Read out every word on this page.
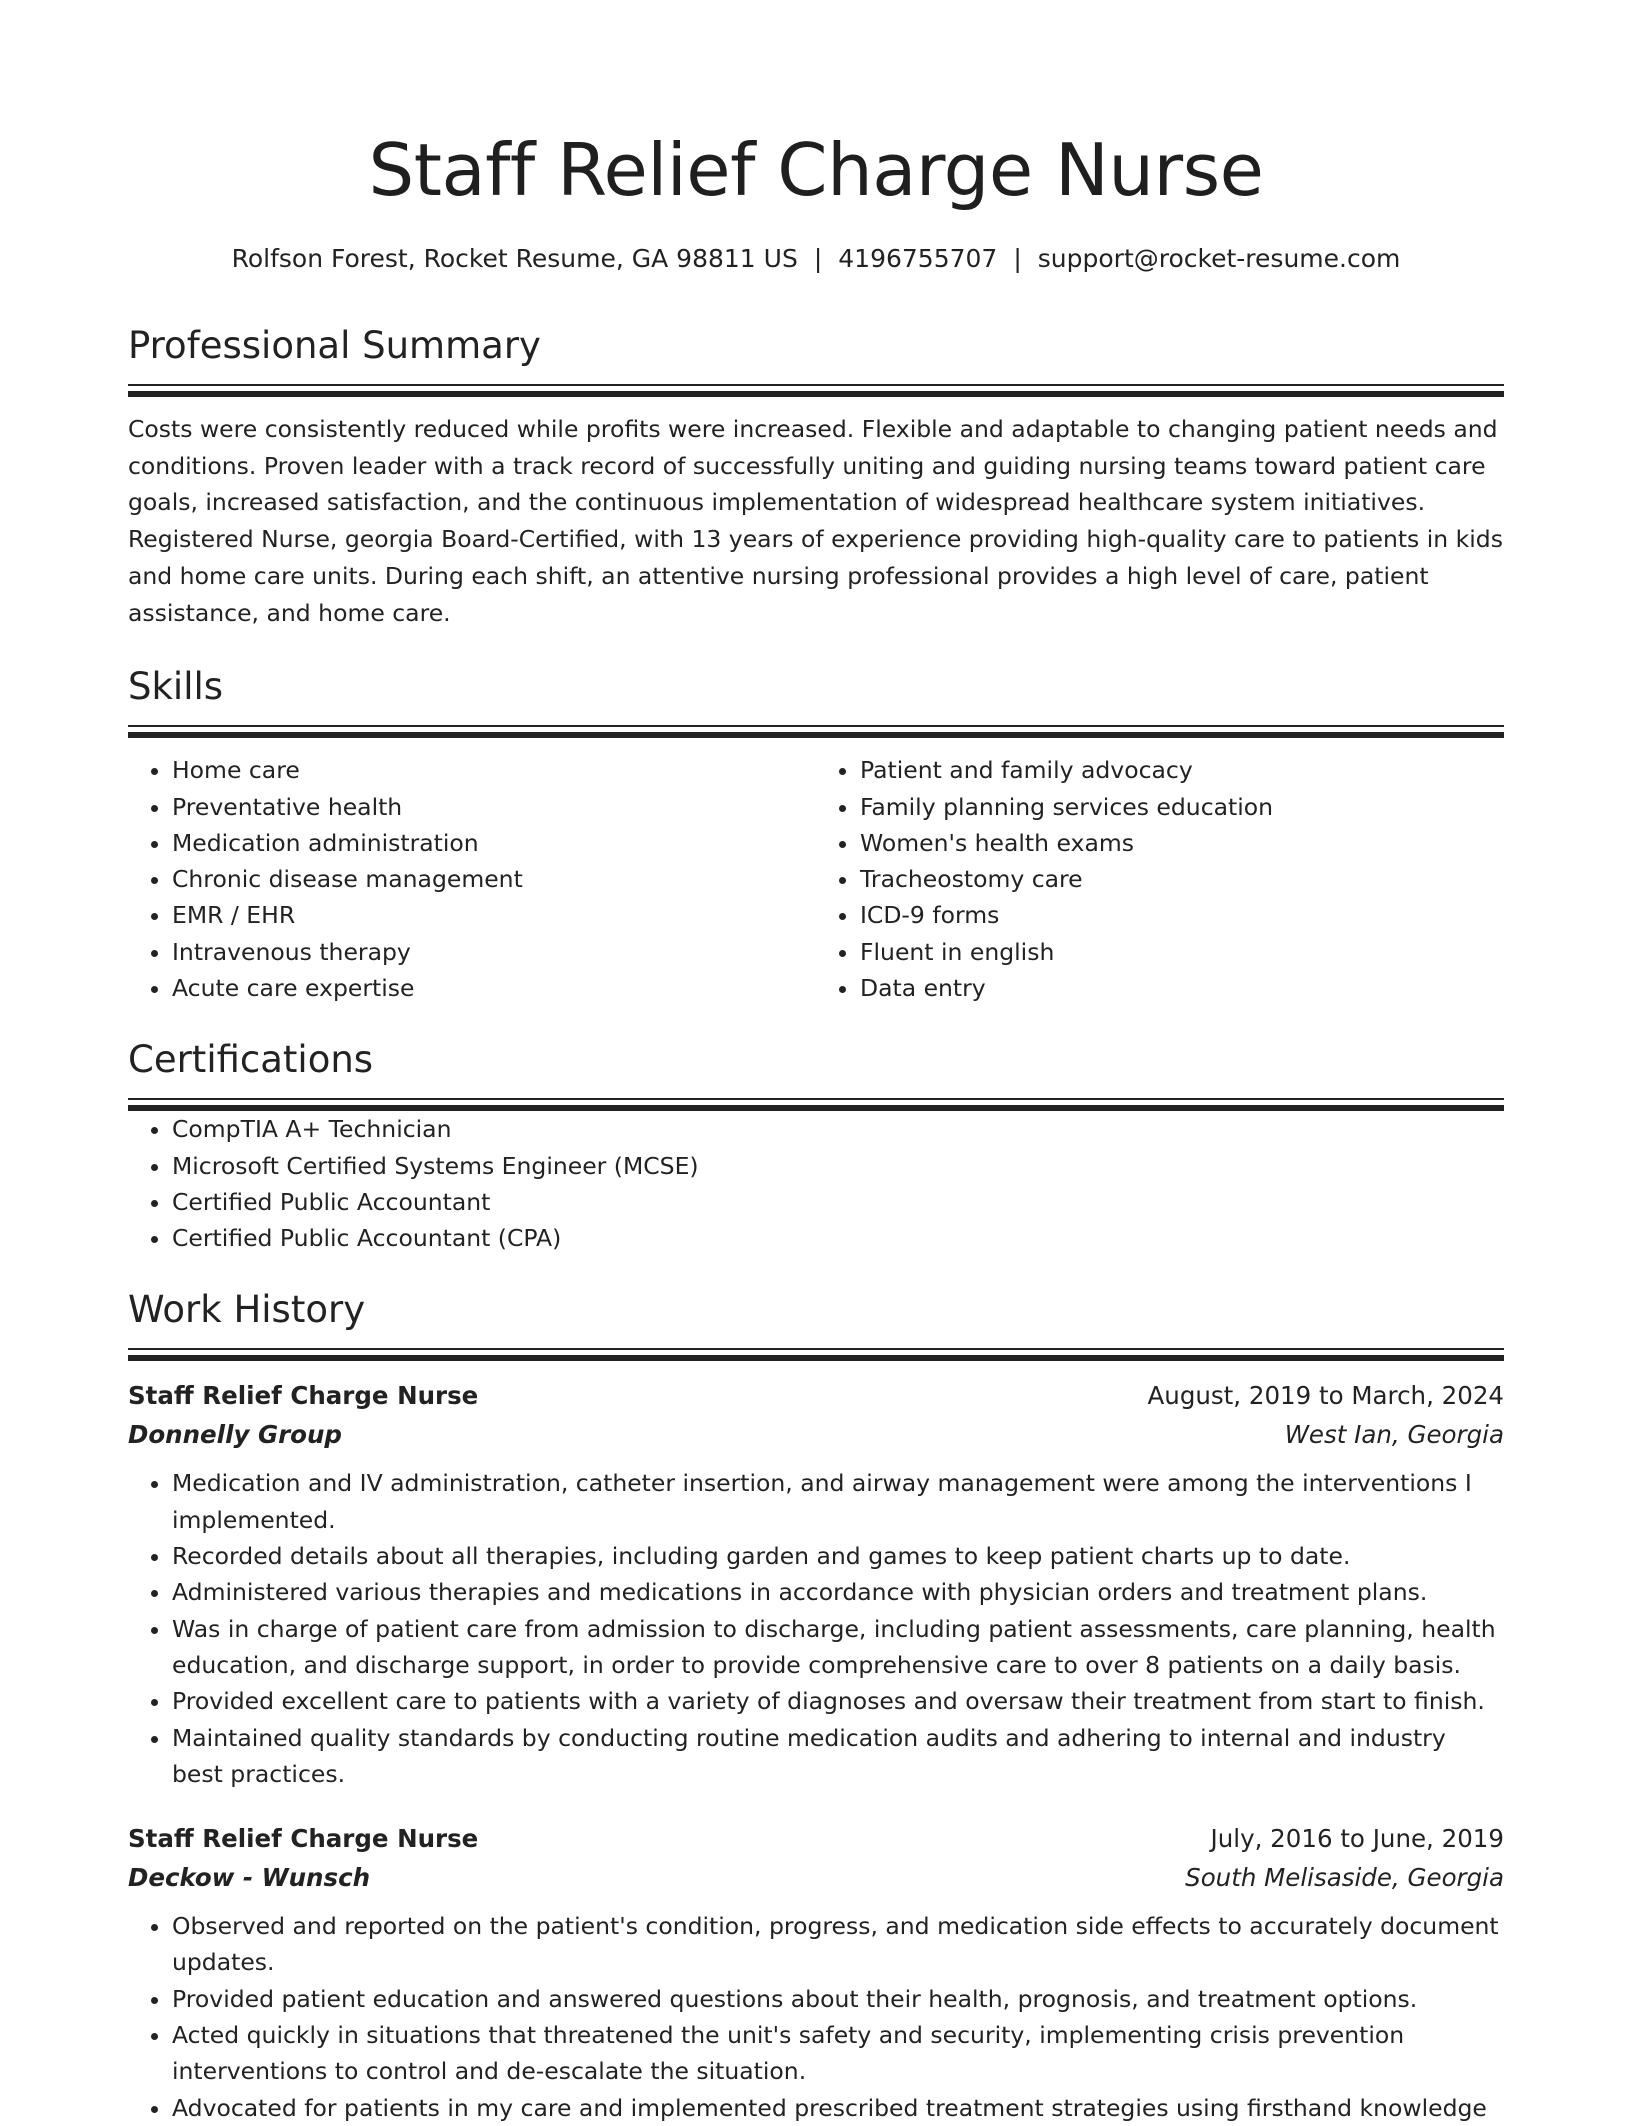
Staff Relief Charge Nurse
Rolfson Forest, Rocket Resume, GA 98811 US | 4196755707 | support@rocket-resume.com
Professional Summary
Costs were consistently reduced while profits were increased. Flexible and adaptable to changing patient needs and conditions. Proven leader with a track record of successfully uniting and guiding nursing teams toward patient care goals, increased satisfaction, and the continuous implementation of widespread healthcare system initiatives. Registered Nurse, georgia Board-Certified, with 13 years of experience providing high-quality care to patients in kids and home care units. During each shift, an attentive nursing professional provides a high level of care, patient assistance, and home care.
Skills
• Home care
• Preventative health
• Medication administration
• Chronic disease management
• EMR / EHR
• Intravenous therapy
• Acute care expertise
• Patient and family advocacy
• Family planning services education
• Women's health exams
• Tracheostomy care
• ICD-9 forms
• Fluent in english
• Data entry
Certifications
• CompTIA A+ Technician
• Microsoft Certified Systems Engineer (MCSE)
• Certified Public Accountant
• Certified Public Accountant (CPA)
Work History
Staff Relief Charge Nurse	August, 2019 to March, 2024
Donnelly Group	West Ian, Georgia
• Medication and IV administration, catheter insertion, and airway management were among the interventions I implemented.
• Recorded details about all therapies, including garden and games to keep patient charts up to date.
• Administered various therapies and medications in accordance with physician orders and treatment plans.
• Was in charge of patient care from admission to discharge, including patient assessments, care planning, health education, and discharge support, in order to provide comprehensive care to over 8 patients on a daily basis.
• Provided excellent care to patients with a variety of diagnoses and oversaw their treatment from start to finish.
• Maintained quality standards by conducting routine medication audits and adhering to internal and industry best practices.
Staff Relief Charge Nurse	July, 2016 to June, 2019
Deckow - Wunsch	South Melisaside, Georgia
• Observed and reported on the patient's condition, progress, and medication side effects to accurately document updates.
• Provided patient education and answered questions about their health, prognosis, and treatment options.
• Acted quickly in situations that threatened the unit's safety and security, implementing crisis prevention interventions to control and de-escalate the situation.
• Advocated for patients in my care and implemented prescribed treatment strategies using firsthand knowledge
